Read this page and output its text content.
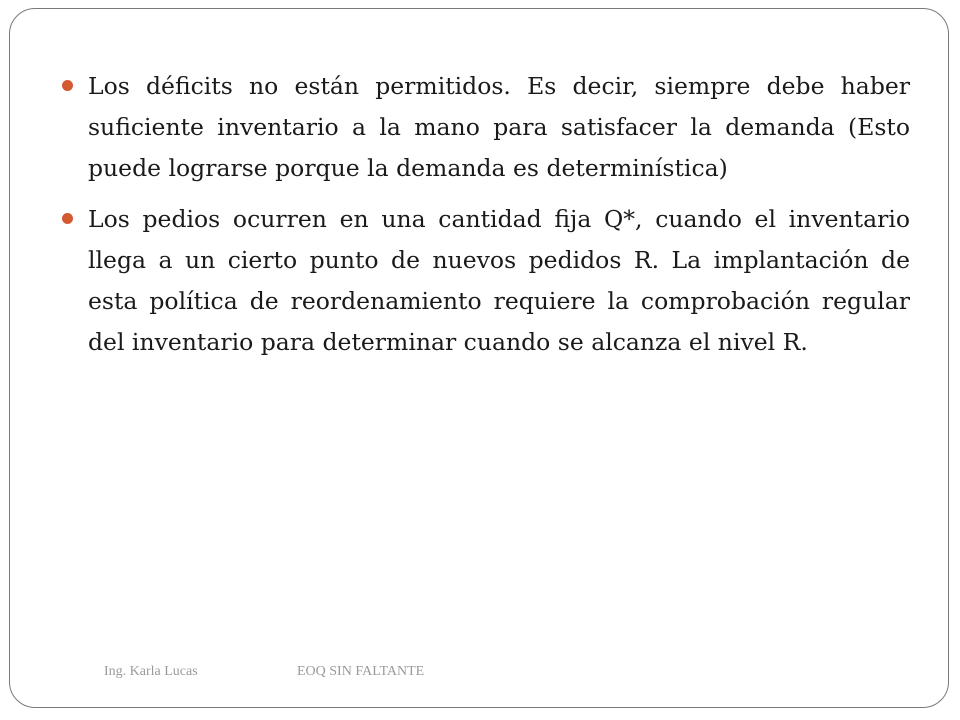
Los déficits no están permitidos. Es decir, siempre debe haber suficiente inventario a la mano para satisfacer la demanda (Esto puede lograrse porque la demanda es determinística)
Los pedios ocurren en una cantidad fija Q*, cuando el inventario llega a un cierto punto de nuevos pedidos R. La implantación de esta política de reordenamiento requiere la comprobación regular del inventario para determinar cuando se alcanza el nivel R.
Ing. Karla Lucas	EOQ SIN FALTANTE
